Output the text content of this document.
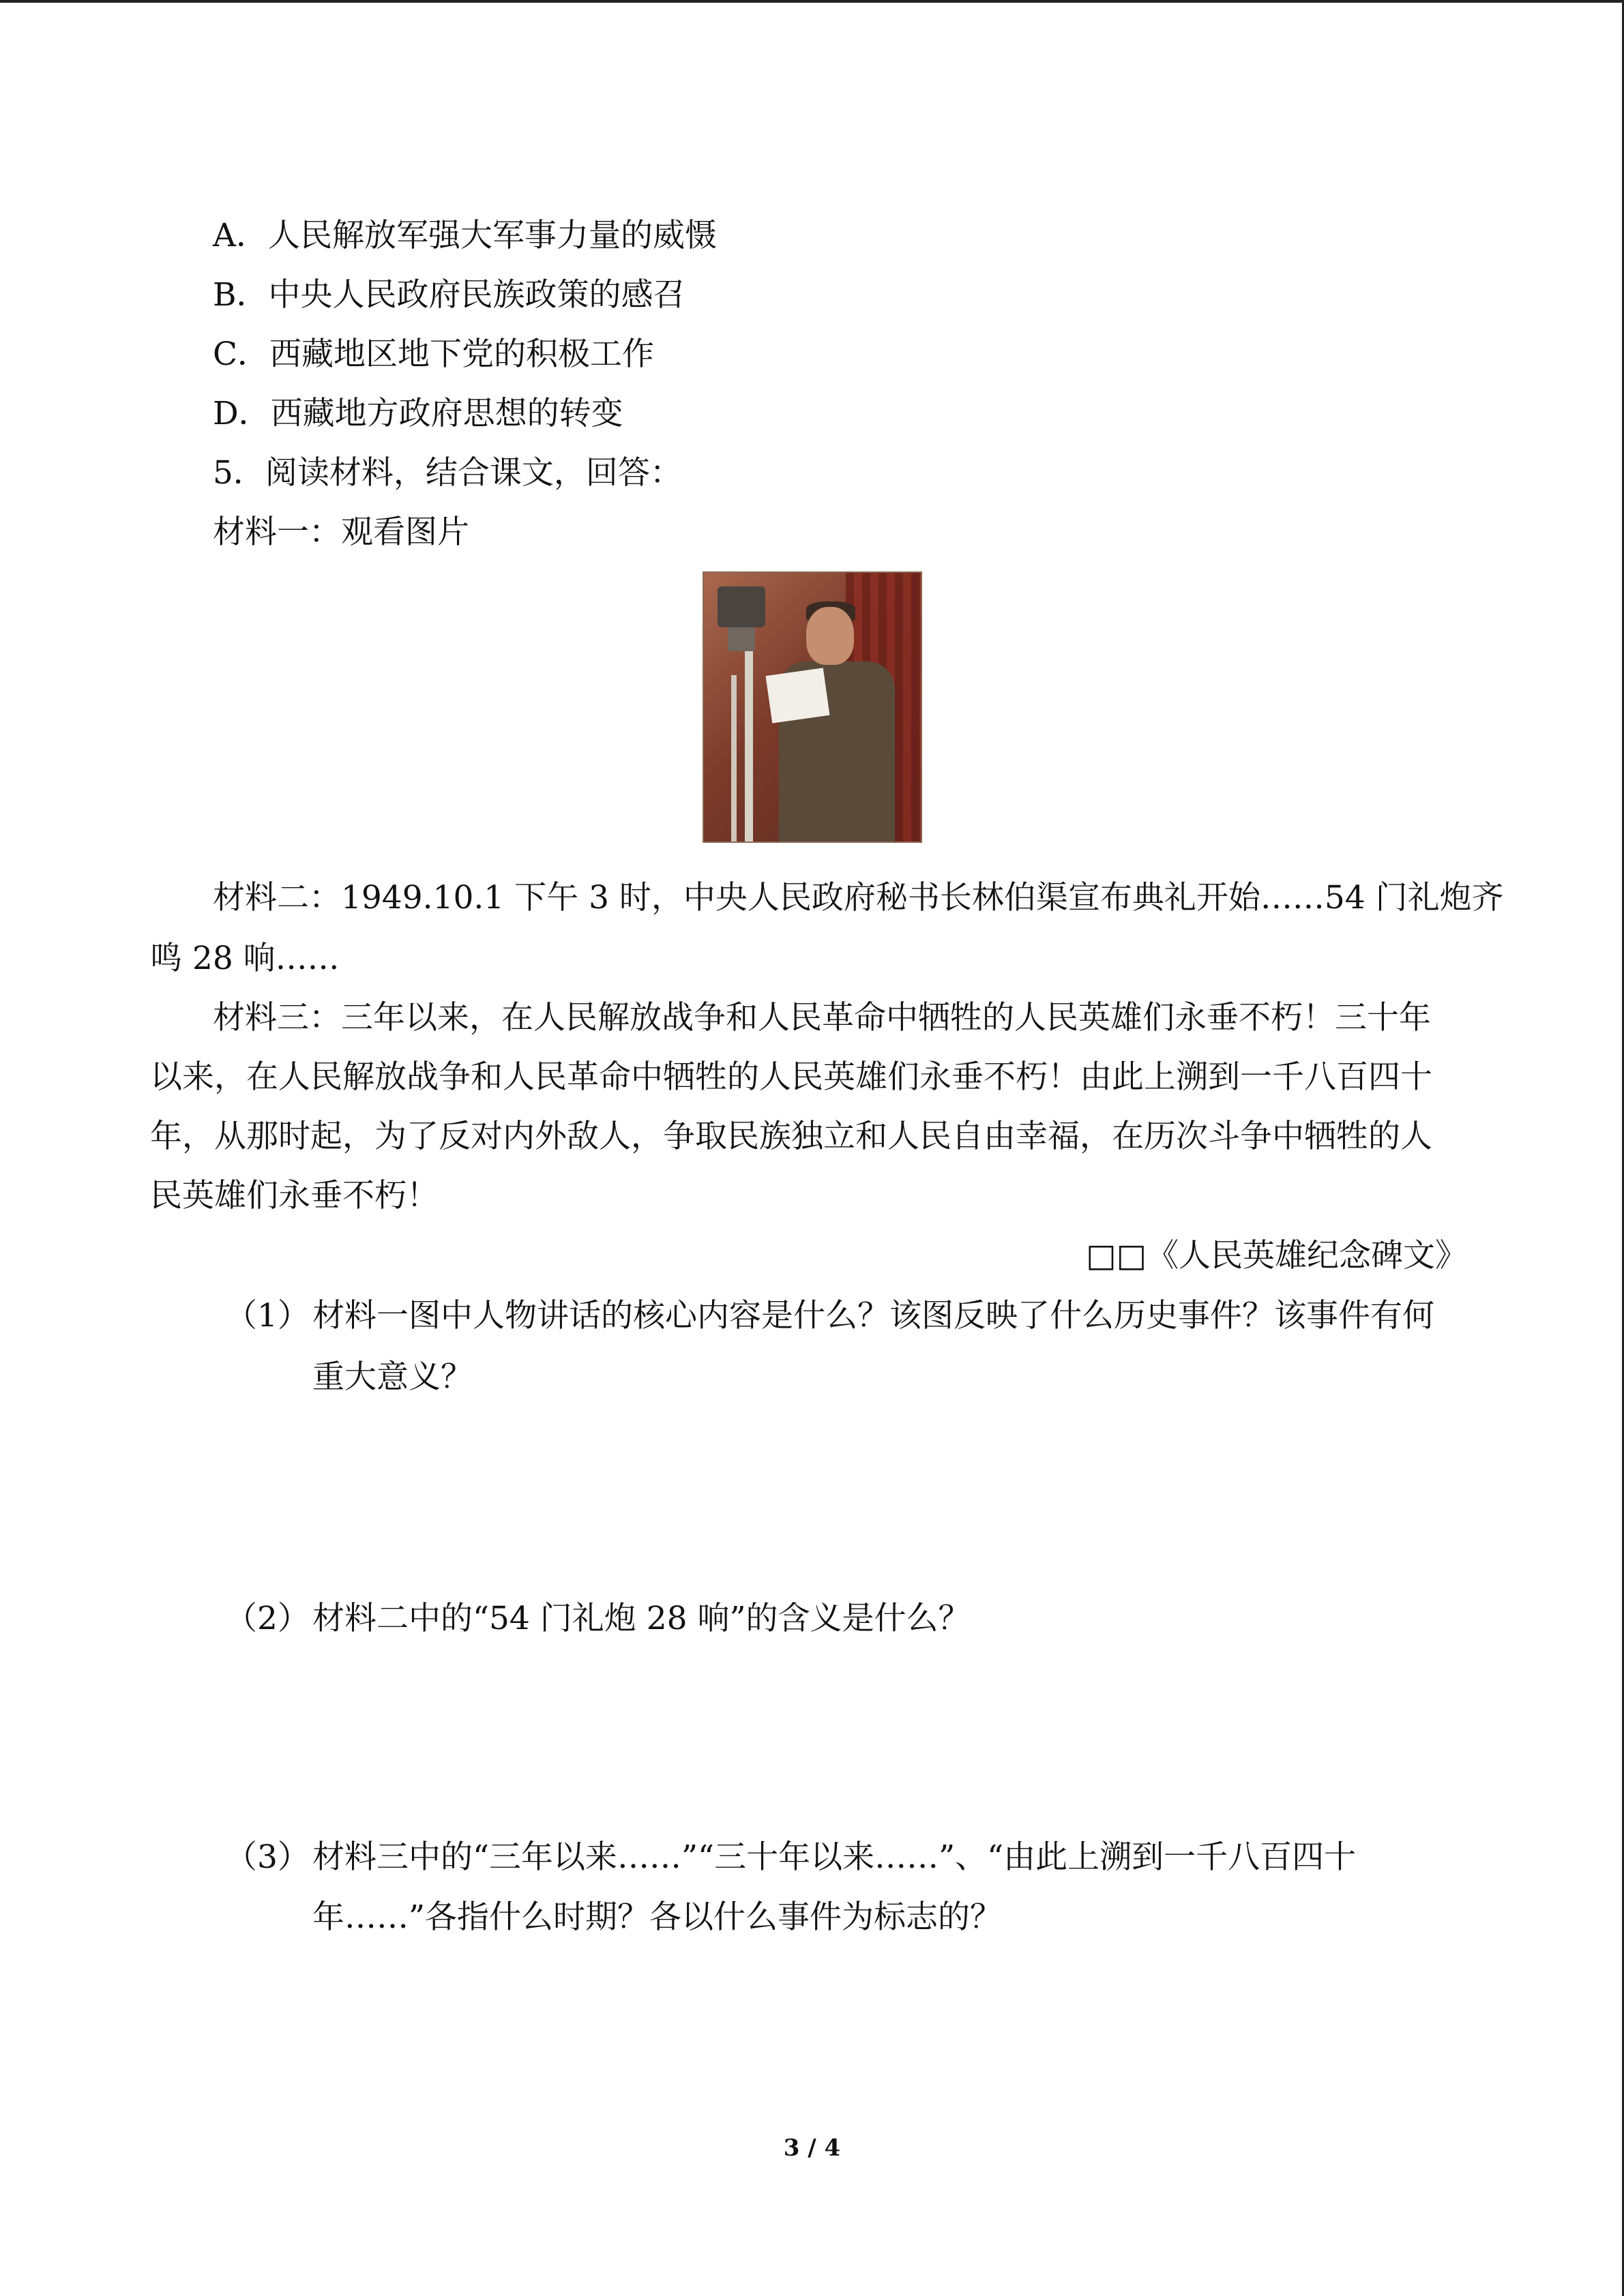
A．人民解放军强大军事力量的威慑
B．中央人民政府民族政策的感召
C．西藏地区地下党的积极工作
D．西藏地方政府思想的转变
5．阅读材料，结合课文，回答：
材料一：观看图片
材料二：1949.10.1 下午 3 时，中央人民政府秘书长林伯渠宣布典礼开始……54 门礼炮齐
鸣 28 响……
材料三：三年以来，在人民解放战争和人民革命中牺牲的人民英雄们永垂不朽！三十年
以来，在人民解放战争和人民革命中牺牲的人民英雄们永垂不朽！由此上溯到一千八百四十
年，从那时起，为了反对内外敌人，争取民族独立和人民自由幸福，在历次斗争中牺牲的人
民英雄们永垂不朽！
□□《人民英雄纪念碑文》
（1） 材料一图中人物讲话的核心内容是什么？该图反映了什么历史事件？该事件有何
重大意义？
（2） 材料二中的“54 门礼炮 28 响”的含义是什么？
（3） 材料三中的“三年以来……”“三十年以来……”、“由此上溯到一千八百四十
年……”各指什么时期？各以什么事件为标志的？
3 / 4
